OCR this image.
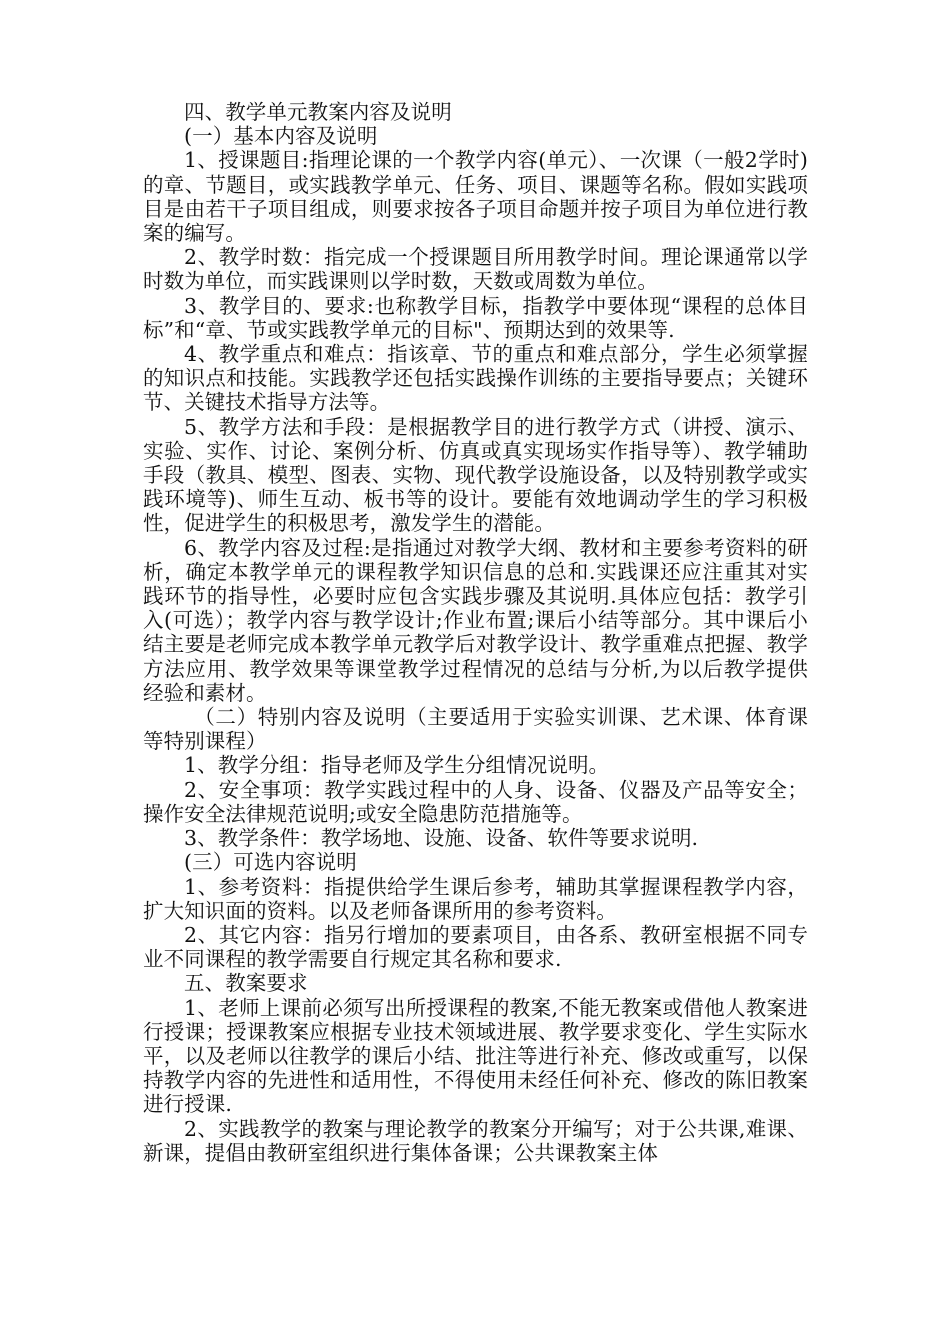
四、教学单元教案内容及说明

(一）基本内容及说明

1、授课题目:指理论课的一个教学内容(单元）、一次课（一般2学时)的章、节题目，或实践教学单元、任务、项目、课题等名称。假如实践项目是由若干子项目组成，则要求按各子项目命题并按子项目为单位进行教案的编写。

2、教学时数：指完成一个授课题目所用教学时间。理论课通常以学时数为单位，而实践课则以学时数，天数或周数为单位。

3、教学目的、要求:也称教学目标，指教学中要体现“课程的总体目标”和“章、节或实践教学单元的目标"、预期达到的效果等.

4、教学重点和难点：指该章、节的重点和难点部分，学生必须掌握的知识点和技能。实践教学还包括实践操作训练的主要指导要点；关键环节、关键技术指导方法等。

5、教学方法和手段：是根据教学目的进行教学方式（讲授、演示、实验、实作、讨论、案例分析、仿真或真实现场实作指导等）、教学辅助手段（教具、模型、图表、实物、现代教学设施设备，以及特别教学或实践环境等)、师生互动、板书等的设计。要能有效地调动学生的学习积极性，促进学生的积极思考，激发学生的潜能。

6、教学内容及过程:是指通过对教学大纲、教材和主要参考资料的研析，确定本教学单元的课程教学知识信息的总和.实践课还应注重其对实践环节的指导性，必要时应包含实践步骤及其说明.具体应包括：教学引入(可选）；教学内容与教学设计;作业布置;课后小结等部分。其中课后小结主要是老师完成本教学单元教学后对教学设计、教学重难点把握、教学方法应用、教学效果等课堂教学过程情况的总结与分析,为以后教学提供经验和素材。

（二）特别内容及说明（主要适用于实验实训课、艺术课、体育课等特别课程）

1、教学分组：指导老师及学生分组情况说明。

2、安全事项：教学实践过程中的人身、设备、仪器及产品等安全；操作安全法律规范说明;或安全隐患防范措施等。

3、教学条件：教学场地、设施、设备、软件等要求说明.

(三）可选内容说明

1、参考资料：指提供给学生课后参考，辅助其掌握课程教学内容，扩大知识面的资料。以及老师备课所用的参考资料。

2、其它内容：指另行增加的要素项目，由各系、教研室根据不同专业不同课程的教学需要自行规定其名称和要求.

五、教案要求

1、老师上课前必须写出所授课程的教案,不能无教案或借他人教案进行授课；授课教案应根据专业技术领域进展、教学要求变化、学生实际水平，以及老师以往教学的课后小结、批注等进行补充、修改或重写，以保持教学内容的先进性和适用性，不得使用未经任何补充、修改的陈旧教案进行授课.

2、实践教学的教案与理论教学的教案分开编写；对于公共课,难课、新课，提倡由教研室组织进行集体备课；公共课教案主体
